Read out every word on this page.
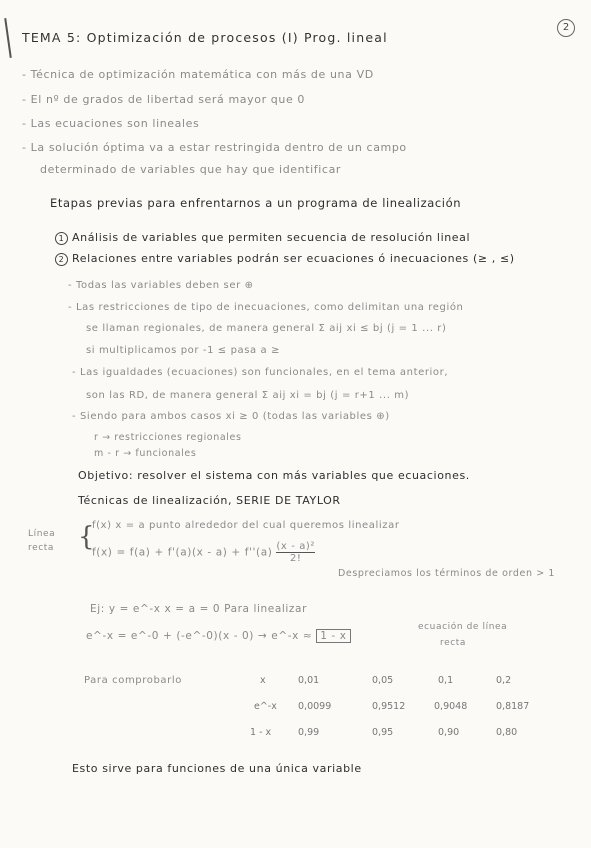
2
TEMA 5: Optimización de procesos (I) Prog. lineal
- Técnica de optimización matemática con más de una VD
- El nº de grados de libertad será mayor que 0
- Las ecuaciones son lineales
- La solución óptima va a estar restringida dentro de un campo
determinado de variables que hay que identificar
Etapas previas para enfrentarnos a un programa de linealización
1 Análisis de variables que permiten secuencia de resolución lineal
2 Relaciones entre variables podrán ser ecuaciones ó inecuaciones (≥ , ≤)
- Todas las variables deben ser ⊕
- Las restricciones de tipo de inecuaciones, como delimitan una región
se llaman regionales, de manera general Σ aij xi ≤ bj (j = 1 ... r)
si multiplicamos por -1 ≤ pasa a ≥
- Las igualdades (ecuaciones) son funcionales, en el tema anterior,
son las RD, de manera general Σ aij xi = bj (j = r+1 ... m)
- Siendo para ambos casos xi ≥ 0 (todas las variables ⊕)
r → restricciones regionales
m - r → funcionales
Objetivo: resolver el sistema con más variables que ecuaciones.
Técnicas de linealización, SERIE DE TAYLOR
Línea recta {
f(x) x = a punto alrededor del cual queremos linealizar
$f(x) = f(a) + f'(a)(x - a) + f''(a) \frac{\text{(x - a)²}}{2!}$
Despreciamos los términos de orden > 1
Ej: y = e^-x x = a = 0 Para linealizar
e^-x = e^-0 + (-e^-0)(x - 0) → e^-x ≈ 1 - x
ecuación de línea
recta
Para comprobarlo	x	0,01	0,05	0,1	0,2
e^-x 0,0099	0,9512	0,9048	0,8187
1 - x	0,99	0,95	0,90	0,80
Esto sirve para funciones de una única variable
